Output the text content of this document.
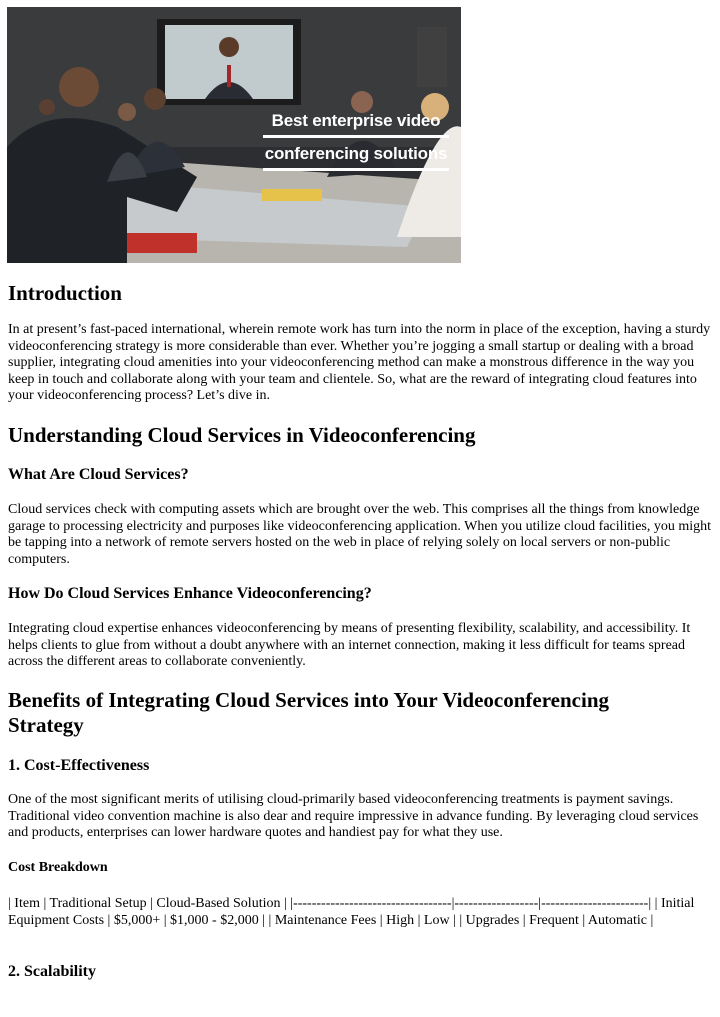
Best enterprise video
conferencing solutions
Introduction

In at present’s fast-paced international, wherein remote work has turn into the norm in place of the exception, having a sturdy videoconferencing strategy is more considerable than ever. Whether you’re jogging a small startup or dealing with a broad supplier, integrating cloud amenities into your videoconferencing method can make a monstrous difference in the way you keep in touch and collaborate along with your team and clientele. So, what are the reward of integrating cloud features into your videoconferencing process? Let’s dive in.

Understanding Cloud Services in Videoconferencing
What Are Cloud Services?

Cloud services check with computing assets which are brought over the web. This comprises all the things from knowledge garage to processing electricity and purposes like videoconferencing application. When you utilize cloud facilities, you might be tapping into a network of remote servers hosted on the web in place of relying solely on local servers or non-public computers.

How Do Cloud Services Enhance Videoconferencing?

Integrating cloud expertise enhances videoconferencing by means of presenting flexibility, scalability, and accessibility. It helps clients to glue from without a doubt anywhere with an internet connection, making it less difficult for teams spread across the different areas to collaborate conveniently.

Benefits of Integrating Cloud Services into Your Videoconferencing Strategy
1. Cost-Effectiveness

One of the most significant merits of utilising cloud-primarily based videoconferencing treatments is payment savings. Traditional video convention machine is also dear and require impressive in advance funding. By leveraging cloud services and products, enterprises can lower hardware quotes and handiest pay for what they use.

Cost Breakdown

| Item | Traditional Setup | Cloud-Based Solution | |----------------------------------|------------------|-----------------------| | Initial Equipment Costs | $5,000+ | $1,000 - $2,000 | | Maintenance Fees | High | Low | | Upgrades | Frequent | Automatic |

2. Scalability
